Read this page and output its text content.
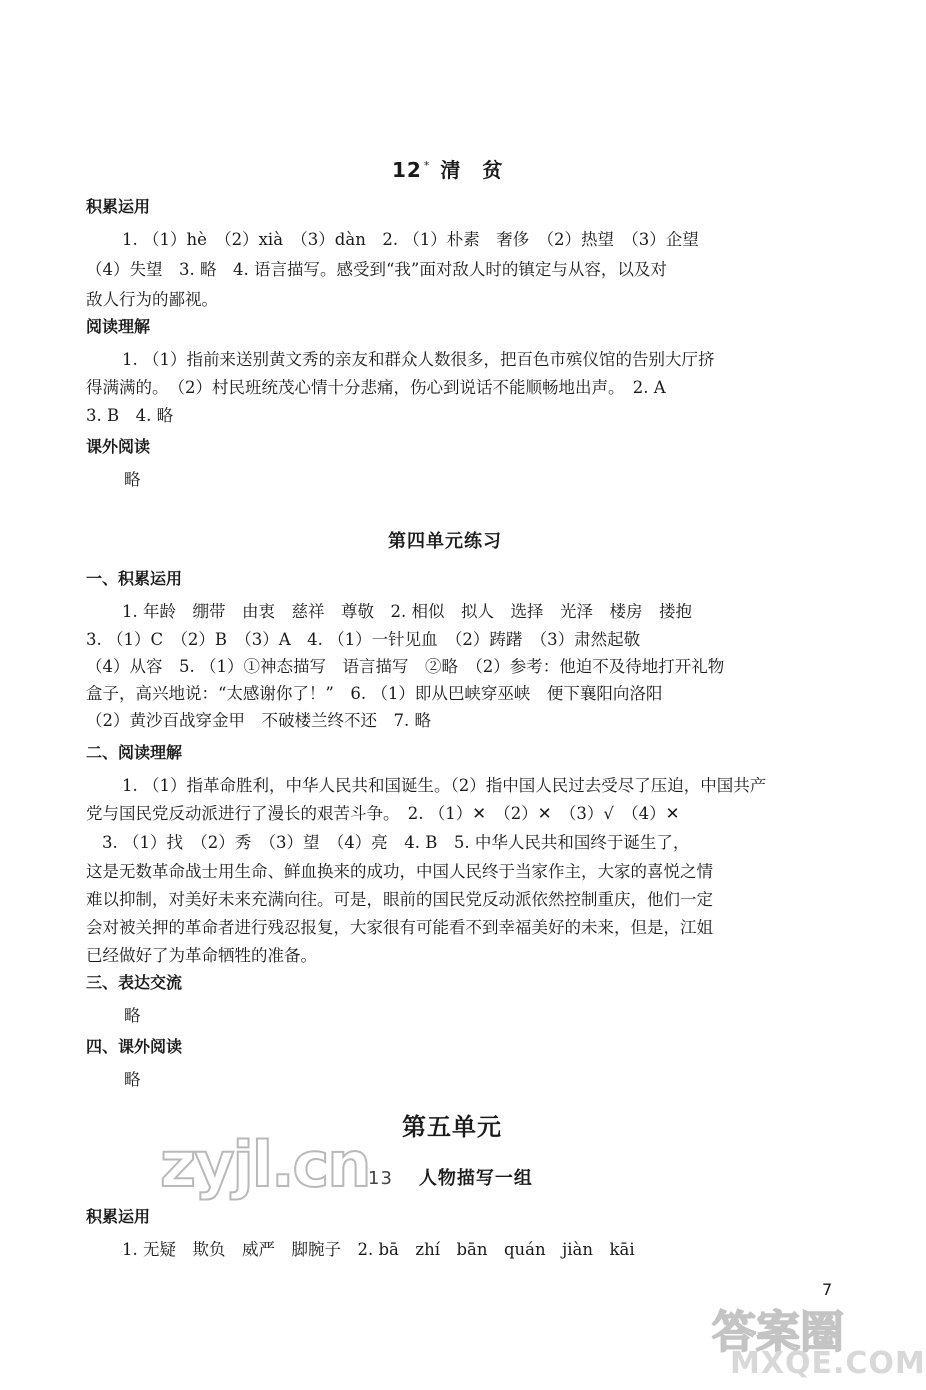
12 * 清　贫
积累运用
1. （1）hè　（2）xià　（3）dàn　2. （1）朴素　奢侈　（2）热望　（3）企望
（4）失望　3. 略　4. 语言描写。感受到“我”面对敌人时的镇定与从容，以及对
敌人行为的鄙视。
阅读理解
1. （1）指前来送别黄文秀的亲友和群众人数很多，把百色市殡仪馆的告别大厅挤
得满满的。　（2）村民班统茂心情十分悲痛，伤心到说话不能顺畅地出声。　2. A
3. B　4. 略
课外阅读
略
第四单元练习
一、积累运用
1. 年龄　绷带　由衷　慈祥　尊敬　2. 相似　拟人　选择　光泽　楼房　搂抱
3. （1）C　（2）B　（3）A　4. （1）一针见血　（2）踌躇　（3）肃然起敬
（4）从容　5. （1）①神态描写　语言描写　②略　（2）参考：他迫不及待地打开礼物
盒子，高兴地说：“太感谢你了！”　6. （1）即从巴峡穿巫峡　便下襄阳向洛阳
（2）黄沙百战穿金甲　不破楼兰终不还　7. 略
二、阅读理解
1. （1）指革命胜利，中华人民共和国诞生。（2）指中国人民过去受尽了压迫，中国共产
党与国民党反动派进行了漫长的艰苦斗争。　2. （1）✕　（2）✕　（3）√　（4）✕
3. （1）找　（2）秀　（3）望　（4）亮　4. B　5. 中华人民共和国终于诞生了，
这是无数革命战士用生命、鲜血换来的成功，中国人民终于当家作主，大家的喜悦之情
难以抑制，对美好未来充满向往。可是，眼前的国民党反动派依然控制重庆，他们一定
会对被关押的革命者进行残忍报复，大家很有可能看不到幸福美好的未来，但是，江姐
已经做好了为革命牺牲的准备。
三、表达交流
略
四、课外阅读
略
第五单元
zyjl.cn
13 人物描写一组
积累运用
1. 无疑　欺负　威严　脚腕子　2. bā　zhí　bān　quán　jiàn　kāi
7
答案圈
MXQE.COM
